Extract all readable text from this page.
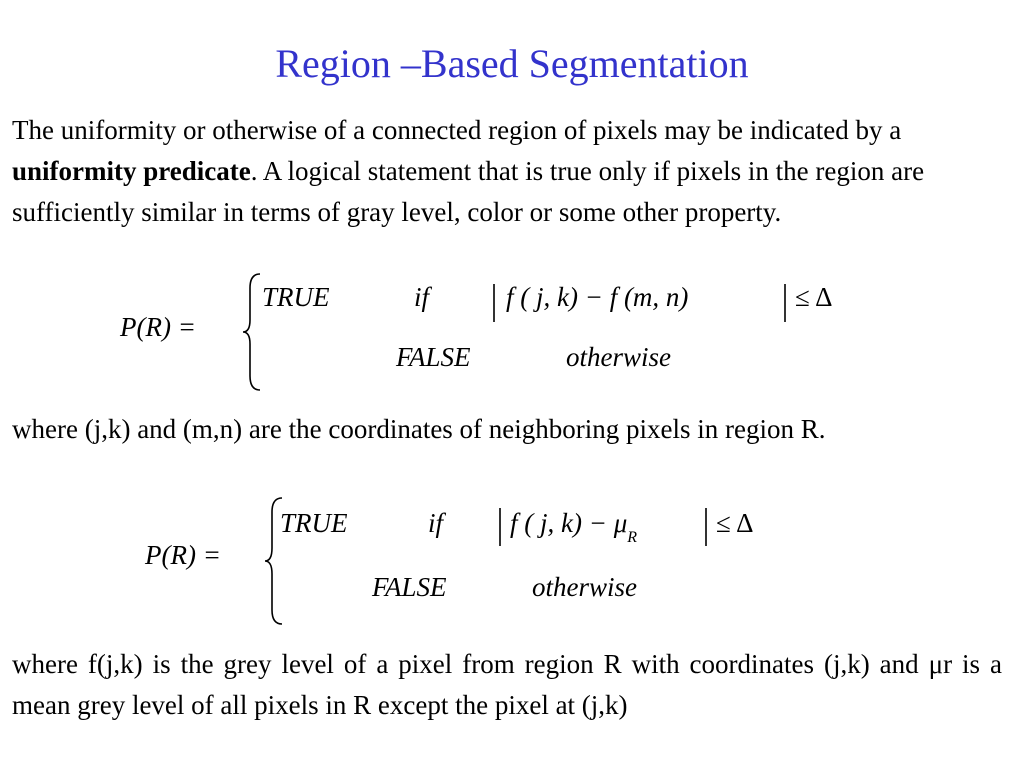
Region –Based Segmentation
The uniformity or otherwise of a connected region of pixels may be indicated by a uniformity predicate. A logical statement that is true only if pixels in the region are sufficiently similar in terms of gray level, color or some other property.
P(R) =
TRUE	if	f ( j, k) − f (m, n)	≤ Δ
FALSE	otherwise
where (j,k) and (m,n) are the coordinates of neighboring pixels in region R.
P(R) =
TRUE	if f ( j, $k) - \mu_R$	≤ Δ
FALSE	otherwise
where f(j,k) is the grey level of a pixel from region R with coordinates (j,k) and μr is a mean grey level of all pixels in R except the pixel at (j,k)
